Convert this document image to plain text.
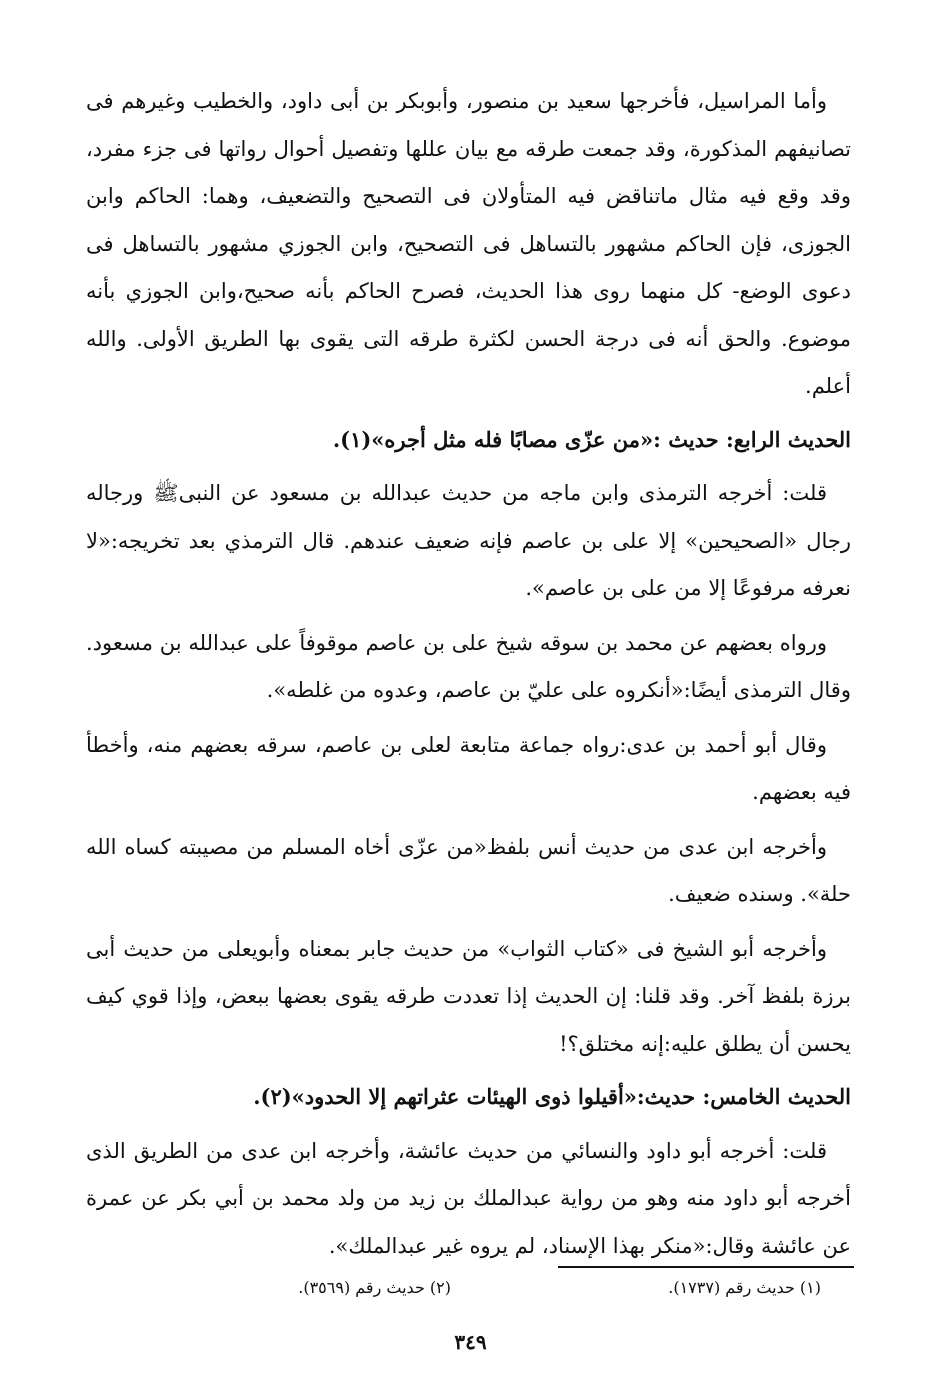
وأما المراسيل، فأخرجها سعيد بن منصور، وأبوبكر بن أبى داود، والخطيب وغيرهم فى تصانيفهم المذكورة، وقد جمعت طرقه مع بيان عللها وتفصيل أحوال رواتها فى جزء مفرد، وقد وقع فيه مثال ماتناقض فيه المتأولان فى التصحيح والتضعيف، وهما: الحاكم وابن الجوزى، فإن الحاكم مشهور بالتساهل فى التصحيح، وابن الجوزي مشهور بالتساهل فى دعوى الوضع- كل منهما روى هذا الحديث، فصرح الحاكم بأنه صحيح،وابن الجوزي بأنه موضوع. والحق أنه فى درجة الحسن لكثرة طرقه التى يقوى بها الطريق الأولى. والله أعلم.

الحديث الرابع: حديث :«من عزّى مصابًا فله مثل أجره»(١).

قلت: أخرجه الترمذى وابن ماجه من حديث عبدالله بن مسعود عن النبىﷺ ورجاله رجال «الصحيحين» إلا على بن عاصم فإنه ضعيف عندهم. قال الترمذي بعد تخريجه:«لا نعرفه مرفوعًا إلا من على بن عاصم».

ورواه بعضهم عن محمد بن سوقه شيخ على بن عاصم موقوفاً على عبدالله بن مسعود. وقال الترمذى أيضًا:«أنكروه على عليّ بن عاصم، وعدوه من غلطه».

وقال أبو أحمد بن عدى:رواه جماعة متابعة لعلى بن عاصم، سرقه بعضهم منه، وأخطأ فيه بعضهم.

وأخرجه ابن عدى من حديث أنس بلفظ«من عزّى أخاه المسلم من مصيبته كساه الله حلة». وسنده ضعيف.

وأخرجه أبو الشيخ فى «كتاب الثواب» من حديث جابر بمعناه وأبويعلى من حديث أبى برزة بلفظ آخر. وقد قلنا: إن الحديث إذا تعددت طرقه يقوى بعضها ببعض، وإذا قوي كيف يحسن أن يطلق عليه:إنه مختلق؟!

الحديث الخامس: حديث:«أقيلوا ذوى الهيئات عثراتهم إلا الحدود»(٢).

قلت: أخرجه أبو داود والنسائي من حديث عائشة، وأخرجه ابن عدى من الطريق الذى أخرجه أبو داود منه وهو من رواية عبدالملك بن زيد من ولد محمد بن أبي بكر عن عمرة عن عائشة وقال:«منكر بهذا الإسناد، لم يروه غير عبدالملك».

(١) حديث رقم (١٧٣٧).
(٢) حديث رقم (٣٥٦٩).
٣٤٩
